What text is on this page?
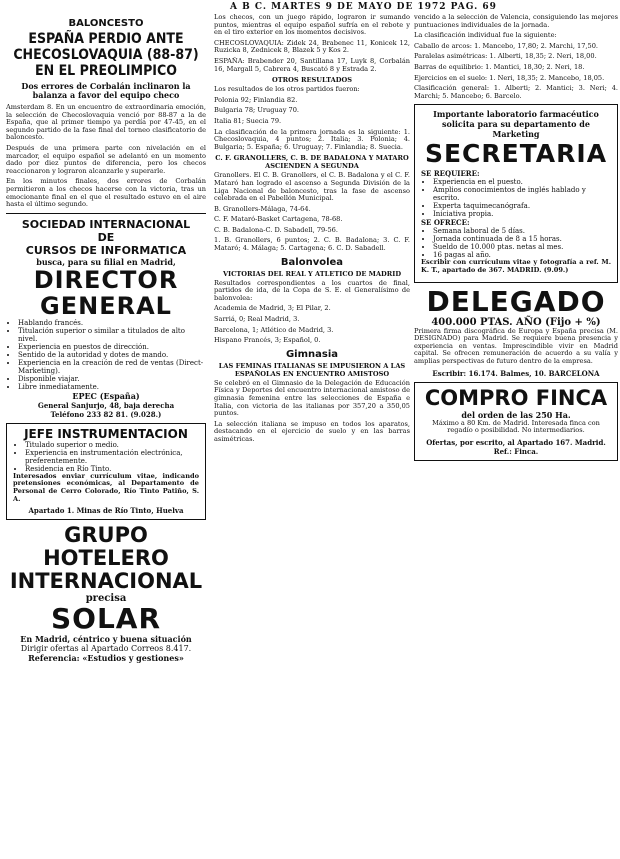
A B C. MARTES 9 DE MAYO DE 1972 PAG. 69
BALONCESTO
ESPAÑA PERDIO ANTE CHECOSLOVAQUIA (88-87) EN EL PREOLIMPICO
Dos errores de Corbalán inclinaron la balanza a favor del equipo checo

Amsterdam 8. En un encuentro de extraordinaria emoción, la selección de Checoslovaquia venció por 88-87 a la de España, que al primer tiempo ya perdía por 47-45, en el segundo partido de la fase final del torneo clasificatorio de baloncesto.

Después de una primera parte con nivelación en el marcador, el equipo español se adelantó en un momento dado por diez puntos de diferencia, pero los checos reaccionaron y lograron alcanzarle y superarle.

En los minutos finales, dos errores de Corbalán permitieron a los checos hacerse con la victoria, tras un emocionante final en el que el resultado estuvo en el aire hasta el último segundo.

SOCIEDAD INTERNACIONAL
DE
CURSOS DE INFORMATICA
busca, para su filial en Madrid,
DIRECTOR GENERAL
• Hablando francés.
• Titulación superior o similar a titulados de alto nivel.
• Experiencia en puestos de dirección.
• Sentido de la autoridad y dotes de mando.
• Experiencia en la creación de red de ventas (Direct-Marketing).
• Disponible viajar.
• Libre inmediatamente.
EPEC (España)
General Sanjurjo, 48, baja derecha
Teléfono 233 82 81. (9.028.)
JEFE INSTRUMENTACION
• Titulado superior o medio.
• Experiencia en instrumentación electrónica, preferentemente.
• Residencia en Río Tinto.

Interesados enviar currículum vitae, indicando pretensiones económicas, al Departamento de Personal de Cerro Colorado, Río Tinto Patiño, S. A.

Apartado 1. Minas de Río Tinto, Huelva
GRUPO HOTELERO
INTERNACIONAL
precisa
SOLAR
En Madrid, céntrico y buena situación
Dirigir ofertas al Apartado Correos 8.417.
Referencia: «Estudios y gestiones»

Los checos, con un juego rápido, lograron ir sumando puntos, mientras el equipo español sufría en el rebote y en el tiro exterior en los momentos decisivos.

CHECOSLOVAQUIA: Zidek 24, Brabenec 11, Konicek 12, Ruzicka 8, Zednicek 8, Blazek 5 y Kos 2.

ESPAÑA: Brabender 20, Santillana 17, Luyk 8, Corbalán 16, Margall 5, Cabrera 4, Buscató 8 y Estrada 2.

OTROS RESULTADOS

Los resultados de los otros partidos fueron:

Polonia 92; Finlandia 82.

Bulgaria 78; Uruguay 70.

Italia 81; Suecia 79.

La clasificación de la primera jornada es la siguiente: 1. Checoslovaquia, 4 puntos; 2. Italia; 3. Polonia; 4. Bulgaria; 5. España; 6. Uruguay; 7. Finlandia; 8. Suecia.

C. F. GRANOLLERS, C. B. DE BADALONA Y MATARO ASCIENDEN A SEGUNDA

Granollers. El C. B. Granollers, el C. B. Badalona y el C. F. Mataró han logrado el ascenso a Segunda División de la Liga Nacional de baloncesto, tras la fase de ascenso celebrada en el Pabellón Municipal.

B. Granollers-Málaga, 74-64.

C. F. Mataró-Basket Cartagena, 78-68.

C. B. Badalona-C. D. Sabadell, 79-56.

1. B. Granollers, 6 puntos; 2. C. B. Badalona; 3. C. F. Mataró; 4. Málaga; 5. Cartagena; 6. C. D. Sabadell.

Balonvolea
VICTORIAS DEL REAL Y ATLETICO DE MADRID

Resultados correspondientes a los cuartos de final, partidos de ida, de la Copa de S. E. el Generalísimo de balonvolea:

Academia de Madrid, 3; El Pilar, 2.

Sarriá, 0; Real Madrid, 3.

Barcelona, 1; Atlético de Madrid, 3.

Hispano Francés, 3; Español, 0.

Gimnasia
LAS FEMINAS ITALIANAS SE IMPUSIERON A LAS ESPAÑOLAS EN ENCUENTRO AMISTOSO

Se celebró en el Gimnasio de la Delegación de Educación Física y Deportes del encuentro internacional amistoso de gimnasia femenina entre las selecciones de España e Italia, con victoria de las italianas por 357,20 a 350,05 puntos.

La selección italiana se impuso en todos los aparatos, destacando en el ejercicio de suelo y en las barras asimétricas.

vencido a la selección de Valencia, consiguiendo las mejores puntuaciones individuales de la jornada.

La clasificación individual fue la siguiente:

Caballo de arcos: 1. Mancebo, 17,80; 2. Marchi, 17,50.

Paralelas asimétricas: 1. Alberti, 18,35; 2. Neri, 18,00.

Barras de equilibrio: 1. Mantici, 18,30; 2. Neri, 18.

Ejercicios en el suelo: 1. Neri, 18,35; 2. Mancebo, 18,05.

Clasificación general: 1. Alberti; 2. Mantici; 3. Neri; 4. Marchi; 5. Mancebo; 6. Barcelo.

Importante laboratorio farmacéutico
solicita para su departamento de
Marketing
SECRETARIA
SE REQUIERE:
• Experiencia en el puesto.
• Amplios conocimientos de inglés hablado y escrito.
• Experta taquimecanógrafa.
• Iniciativa propia.
SE OFRECE:
• Semana laboral de 5 días.
• Jornada continuada de 8 a 15 horas.
• Sueldo de 10.000 ptas. netas al mes.
• 16 pagas al año.

Escribir con currículum vitae y fotografía a ref. M. K. T., apartado de 367. MADRID. (9.09.)

DELEGADO
400.000 PTAS. AÑO (Fijo + %)

Primera firma discográfica de Europa y España precisa (M. DESIGNADO) para Madrid. Se requiere buena presencia y experiencia en ventas. Imprescindible vivir en Madrid capital. Se ofrecen remuneración de acuerdo a su valía y amplias perspectivas de futuro dentro de la empresa.

Escribir: 16.174. Balmes, 10. BARCELONA
COMPRO FINCA
del orden de las 250 Ha.

Máximo a 80 Km. de Madrid. Interesada finca con regadío o posibilidad. No intermediarios.

Ofertas, por escrito, al Apartado 167. Madrid. Ref.: Finca.
